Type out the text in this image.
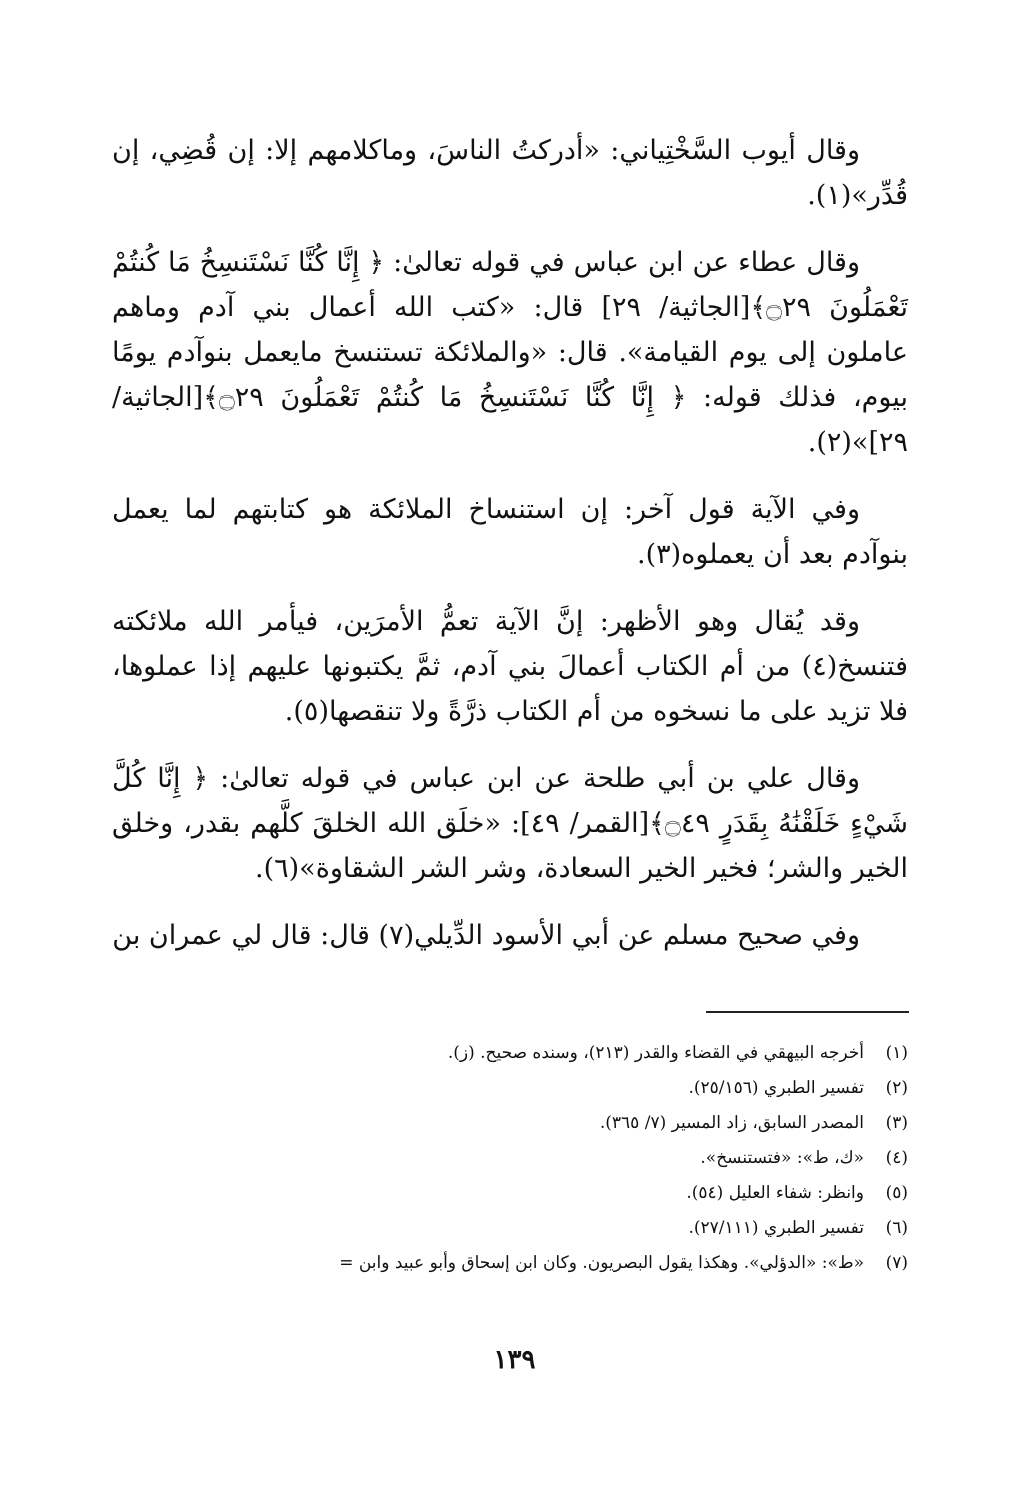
وقال أيوب السَّخْتِياني: «أدركتُ الناسَ، وماكلامهم إلا: إن قُضِي، إن قُدِّر»(١).

وقال عطاء عن ابن عباس في قوله تعالىٰ: ﴿ إِنَّا كُنَّا نَسْتَنسِخُ مَا كُنتُمْ تَعْمَلُونَ ۝٢٩﴾[الجاثية/ ٢٩] قال: «كتب الله أعمال بني آدم وماهم عاملون إلى يوم القيامة». قال: «والملائكة تستنسخ مايعمل بنوآدم يومًا بيوم، فذلك قوله: ﴿ إِنَّا كُنَّا نَسْتَنسِخُ مَا كُنتُمْ تَعْمَلُونَ ۝٢٩﴾[الجاثية/ ٢٩]»(٢).

وفي الآية قول آخر: إن استنساخ الملائكة هو كتابتهم لما يعمل بنوآدم بعد أن يعملوه(٣).

وقد يُقال وهو الأظهر: إنَّ الآية تعمُّ الأمرَين، فيأمر الله ملائكته فتنسخ(٤) من أم الكتاب أعمالَ بني آدم، ثمَّ يكتبونها عليهم إذا عملوها، فلا تزيد على ما نسخوه من أم الكتاب ذرَّةً ولا تنقصها(٥).

وقال علي بن أبي طلحة عن ابن عباس في قوله تعالىٰ: ﴿ إِنَّا كُلَّ شَيْءٍ خَلَقْنَٰهُ بِقَدَرٍ ۝٤٩﴾[القمر/ ٤٩]: «خلَق الله الخلقَ كلَّهم بقدر، وخلق الخير والشر؛ فخير الخير السعادة، وشر الشر الشقاوة»(٦).

وفي صحيح مسلم عن أبي الأسود الدِّيلي(٧) قال: قال لي عمران بن

(١)
أخرجه البيهقي في القضاء والقدر (٢١٣)، وسنده صحيح. (ز).
(٢)
تفسير الطبري (٢٥/١٥٦).
(٣)
المصدر السابق، زاد المسير (٧/ ٣٦٥).
(٤)
«ك، ط»: «فتستنسخ».
(٥)
وانظر: شفاء العليل (٥٤).
(٦)
تفسير الطبري (٢٧/١١١).
(٧)
«ط»: «الدؤلي». وهكذا يقول البصريون. وكان ابن إسحاق وأبو عبيد وابن =
١٣٩
